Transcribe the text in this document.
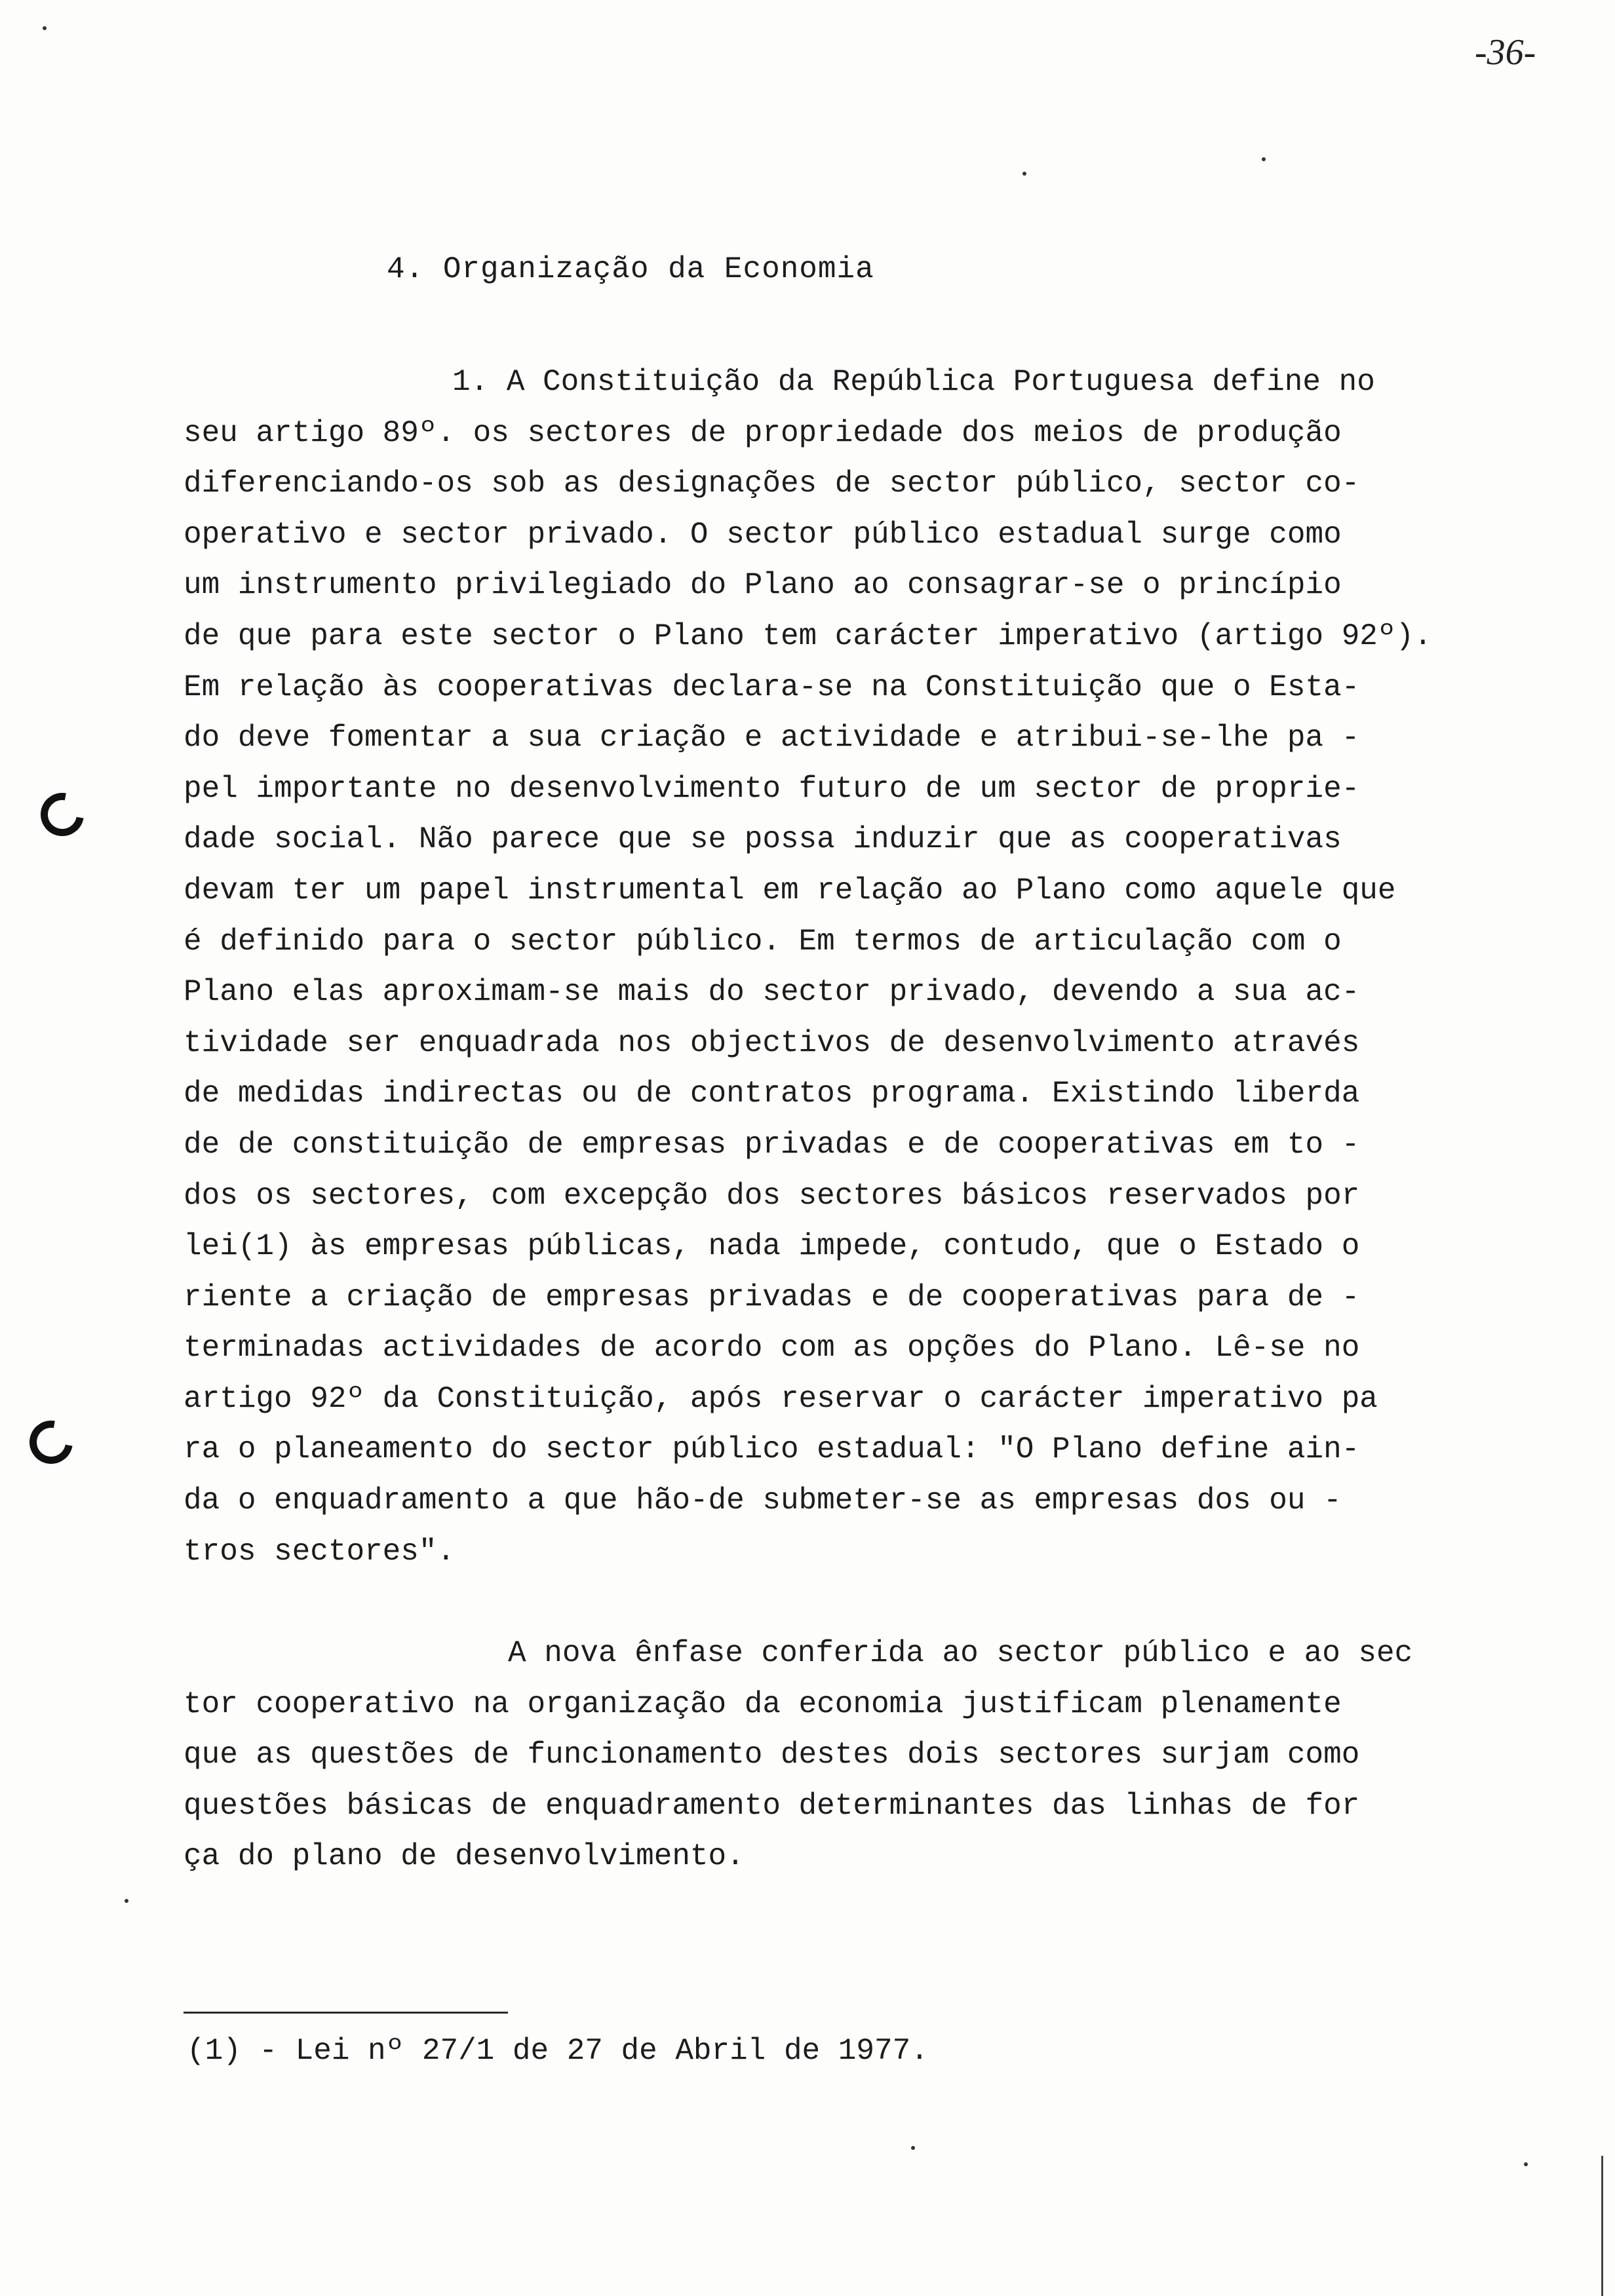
-36-
4. Organização da Economia
1. A Constituição da República Portuguesa define no
seu artigo 89º. os sectores de propriedade dos meios de produção
diferenciando-os sob as designações de sector público, sector co-
operativo e sector privado. O sector público estadual surge como
um instrumento privilegiado do Plano ao consagrar-se o princípio
de que para este sector o Plano tem carácter imperativo (artigo 92º).
Em relação às cooperativas declara-se na Constituição que o Esta-
do deve fomentar a sua criação e actividade e atribui-se-lhe pa -
pel importante no desenvolvimento futuro de um sector de proprie-
dade social. Não parece que se possa induzir que as cooperativas
devam ter um papel instrumental em relação ao Plano como aquele que
é definido para o sector público. Em termos de articulação com o
Plano elas aproximam-se mais do sector privado, devendo a sua ac-
tividade ser enquadrada nos objectivos de desenvolvimento através
de medidas indirectas ou de contratos programa. Existindo liberda
de de constituição de empresas privadas e de cooperativas em to -
dos os sectores, com excepção dos sectores básicos reservados por
lei(1) às empresas públicas, nada impede, contudo, que o Estado o
riente a criação de empresas privadas e de cooperativas para de -
terminadas actividades de acordo com as opções do Plano. Lê-se no
artigo 92º da Constituição, após reservar o carácter imperativo pa
ra o planeamento do sector público estadual: "O Plano define ain-
da o enquadramento a que hão-de submeter-se as empresas dos ou -
tros sectores".
A nova ênfase conferida ao sector público e ao sec
tor cooperativo na organização da economia justificam plenamente
que as questões de funcionamento destes dois sectores surjam como
questões básicas de enquadramento determinantes das linhas de for
ça do plano de desenvolvimento.
(1) - Lei nº 27/1 de 27 de Abril de 1977.
